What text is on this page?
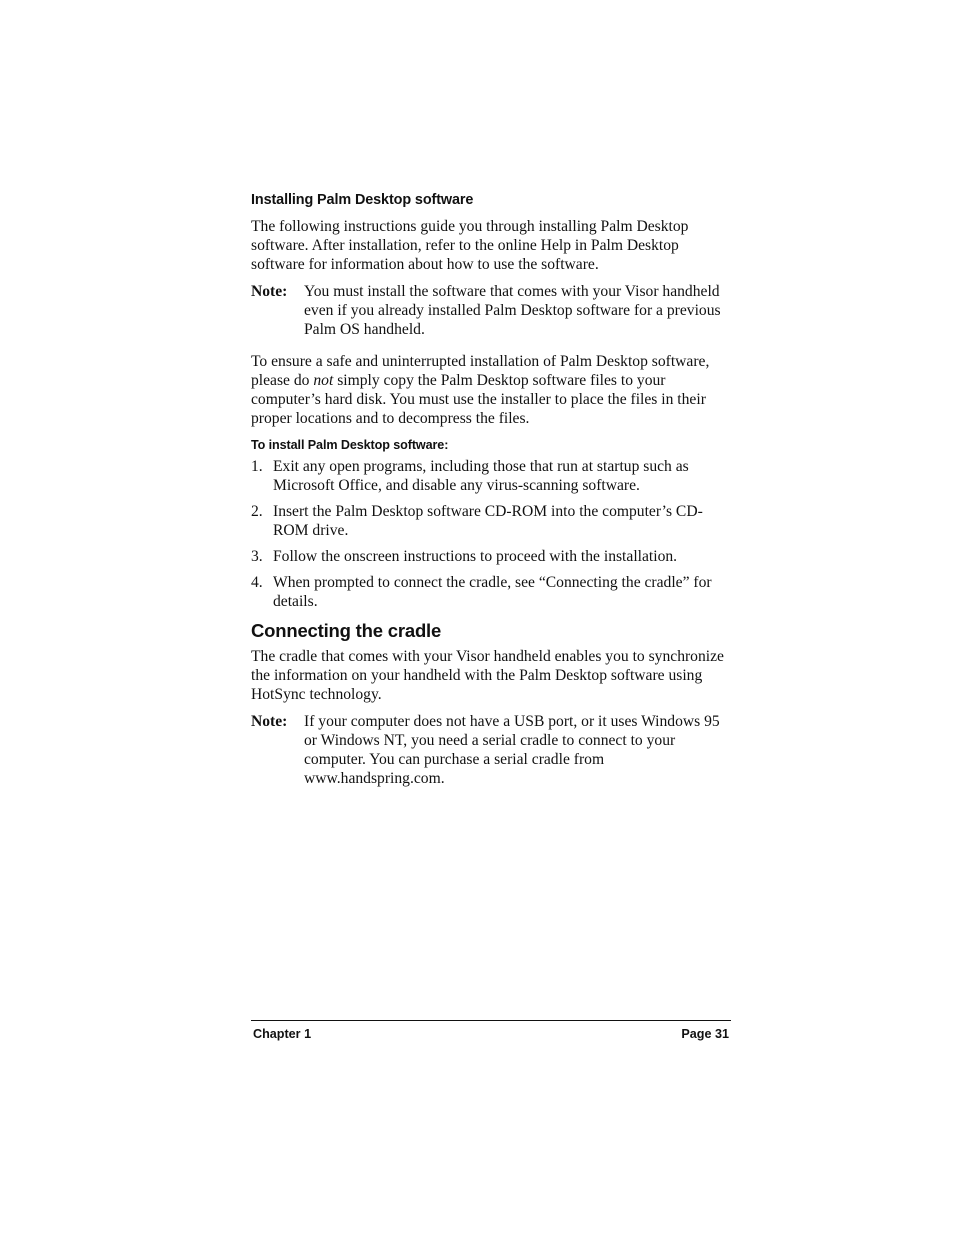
Installing Palm Desktop software

The following instructions guide you through installing Palm Desktop software. After installation, refer to the online Help in Palm Desktop software for information about how to use the software.

Note:	You must install the software that comes with your Visor handheld even if you already installed Palm Desktop software for a previous Palm OS handheld.

To ensure a safe and uninterrupted installation of Palm Desktop software, please do not simply copy the Palm Desktop software files to your computer’s hard disk. You must use the installer to place the files in their proper locations and to decompress the files.

To install Palm Desktop software:
1. Exit any open programs, including those that run at startup such as Microsoft Office, and disable any virus-scanning software.
2. Insert the Palm Desktop software CD-ROM into the computer’s CD-ROM drive.
3. Follow the onscreen instructions to proceed with the installation.
4. When prompted to connect the cradle, see “Connecting the cradle” for details.
Connecting the cradle

The cradle that comes with your Visor handheld enables you to synchronize the information on your handheld with the Palm Desktop software using HotSync technology.

Note:	If your computer does not have a USB port, or it uses Windows 95 or Windows NT, you need a serial cradle to connect to your computer. You can purchase a serial cradle from www.handspring.com.
Chapter 1	Page 31
